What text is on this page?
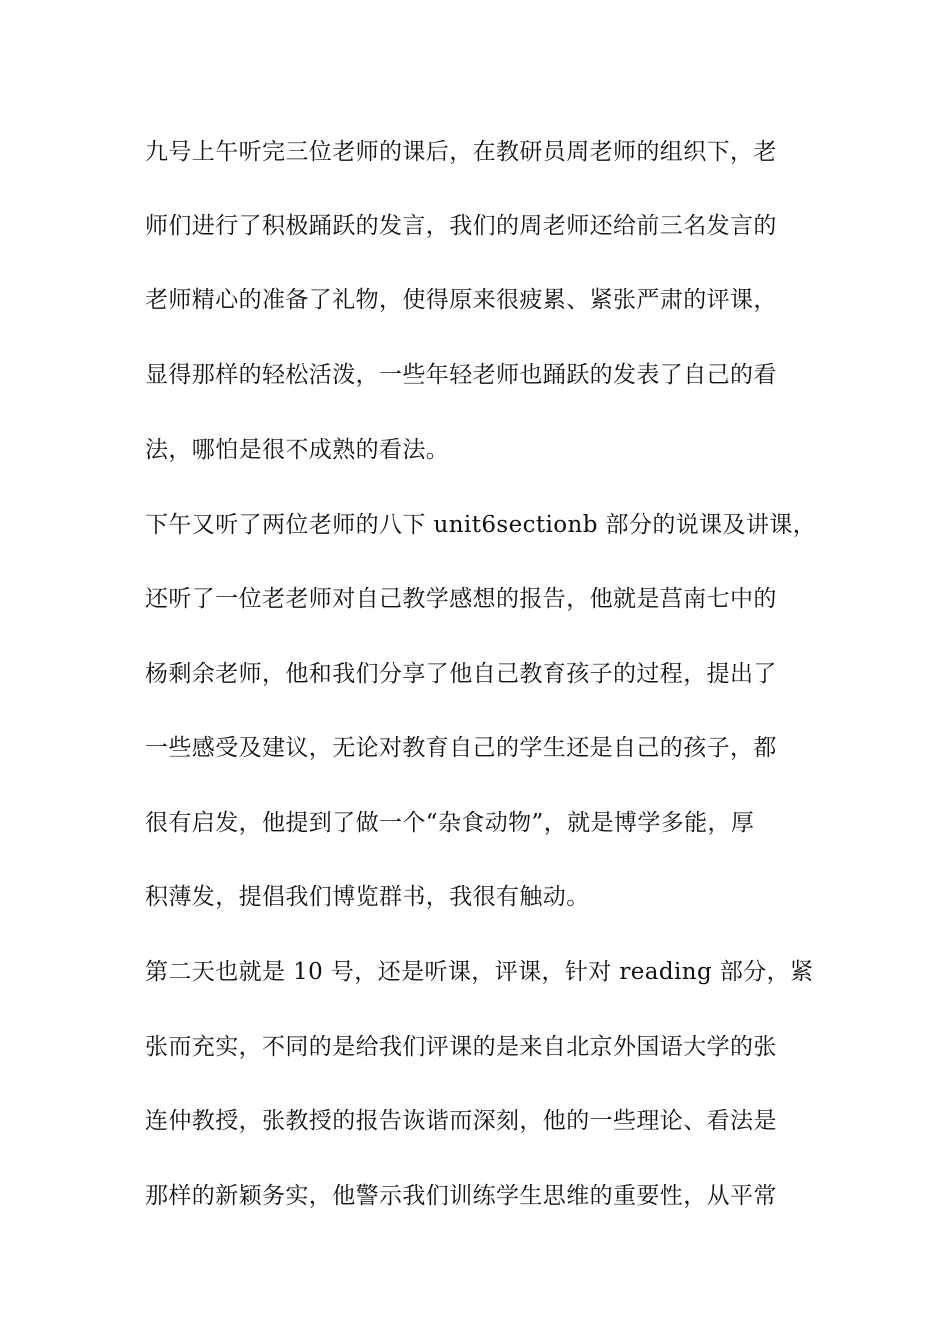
九号上午听完三位老师的课后，在教研员周老师的组织下，老

师们进行了积极踊跃的发言，我们的周老师还给前三名发言的

老师精心的准备了礼物，使得原来很疲累、紧张严肃的评课，

显得那样的轻松活泼，一些年轻老师也踊跃的发表了自己的看

法，哪怕是很不成熟的看法。

下午又听了两位老师的八下 unit6sectionb 部分的说课及讲课，

还听了一位老老师对自己教学感想的报告，他就是莒南七中的

杨剩余老师，他和我们分享了他自己教育孩子的过程，提出了

一些感受及建议，无论对教育自己的学生还是自己的孩子，都

很有启发，他提到了做一个“杂食动物”，就是博学多能，厚

积薄发，提倡我们博览群书，我很有触动。

第二天也就是 10 号，还是听课，评课，针对 reading 部分，紧

张而充实，不同的是给我们评课的是来自北京外国语大学的张

连仲教授，张教授的报告诙谐而深刻，他的一些理论、看法是

那样的新颖务实，他警示我们训练学生思维的重要性，从平常
